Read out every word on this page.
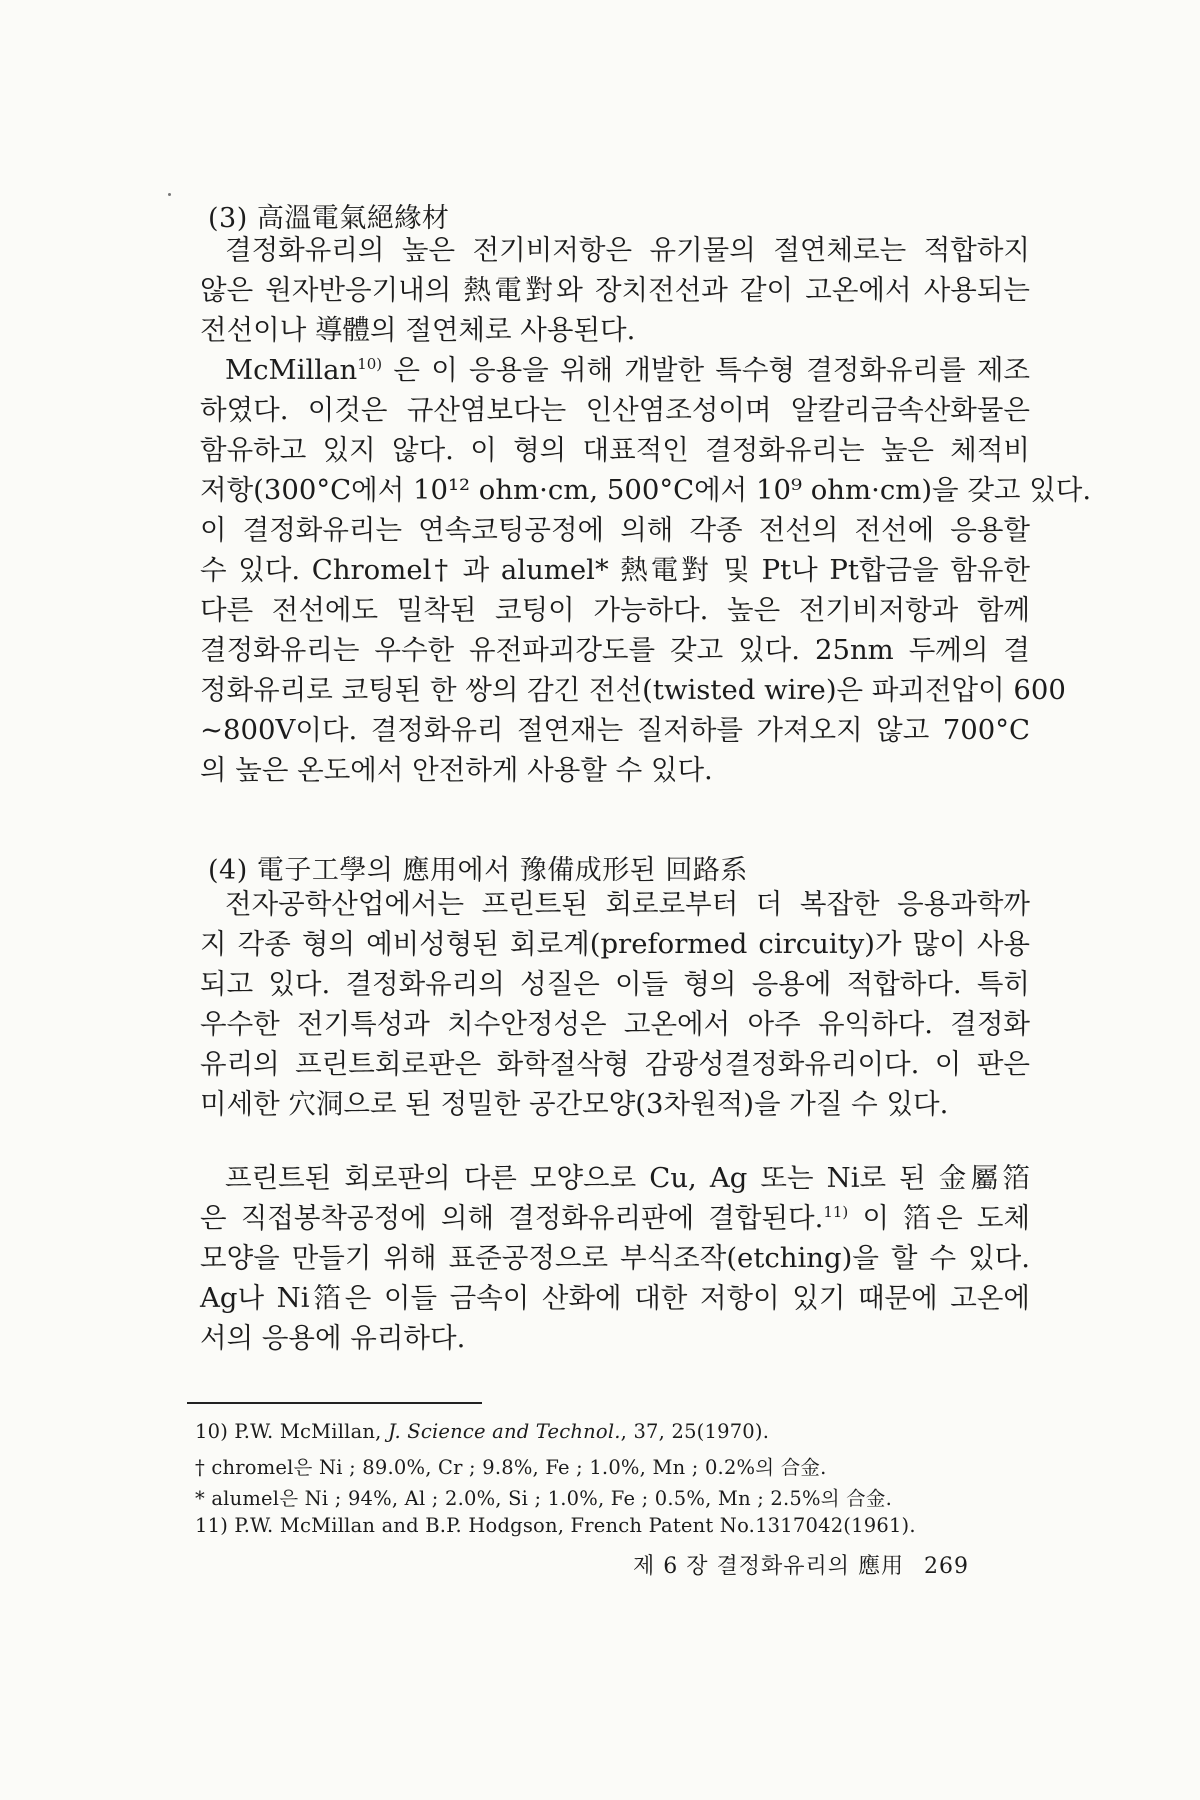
(3) 高溫電氣絕緣材
결정화유리의 높은 전기비저항은 유기물의 절연체로는 적합하지
않은 원자반응기내의 熱電對와 장치전선과 같이 고온에서 사용되는
전선이나 導體의 절연체로 사용된다.
McMillan$^{10)}$ 은 이 응용을 위해 개발한 특수형 결정화유리를 제조
하였다. 이것은 규산염보다는 인산염조성이며 알칼리금속산화물은
함유하고 있지 않다. 이 형의 대표적인 결정화유리는 높은 체적비
저항(300°C에서 10¹² ohm·cm, 500°C에서 10⁹ ohm·cm)을 갖고 있다.
이 결정화유리는 연속코팅공정에 의해 각종 전선의 전선에 응용할
수 있다. Chromel† 과 alumel* 熱電對 및 Pt나 Pt합금을 함유한
다른 전선에도 밀착된 코팅이 가능하다. 높은 전기비저항과 함께
결정화유리는 우수한 유전파괴강도를 갖고 있다. 25nm 두께의 결
정화유리로 코팅된 한 쌍의 감긴 전선(twisted wire)은 파괴전압이 600
~800V이다. 결정화유리 절연재는 질저하를 가져오지 않고 700°C
의 높은 온도에서 안전하게 사용할 수 있다.
(4) 電子工學의 應用에서 豫備成形된 回路系
전자공학산업에서는 프린트된 회로로부터 더 복잡한 응용과학까
지 각종 형의 예비성형된 회로계(preformed circuity)가 많이 사용
되고 있다. 결정화유리의 성질은 이들 형의 응용에 적합하다. 특히
우수한 전기특성과 치수안정성은 고온에서 아주 유익하다. 결정화
유리의 프린트회로판은 화학절삭형 감광성결정화유리이다. 이 판은
미세한 穴洞으로 된 정밀한 공간모양(3차원적)을 가질 수 있다.
프린트된 회로판의 다른 모양으로 Cu, Ag 또는 Ni로 된 金屬箔
은 직접봉착공정에 의해 결정화유리판에 결합된다.$^{11)}$ 이 箔은 도체
모양을 만들기 위해 표준공정으로 부식조작(etching)을 할 수 있다.
Ag나 Ni箔은 이들 금속이 산화에 대한 저항이 있기 때문에 고온에
서의 응용에 유리하다.
10) P.W. McMillan, J. Science and Technol., 37, 25(1970).
† chromel은 Ni ; 89.0%, Cr ; 9.8%, Fe ; 1.0%, Mn ; 0.2%의 合金.
* alumel은 Ni ; 94%, Al ; 2.0%, Si ; 1.0%, Fe ; 0.5%, Mn ; 2.5%의 合金.
11) P.W. McMillan and B.P. Hodgson, French Patent No.1317042(1961).
제 6 장 결정화유리의 應用 269
